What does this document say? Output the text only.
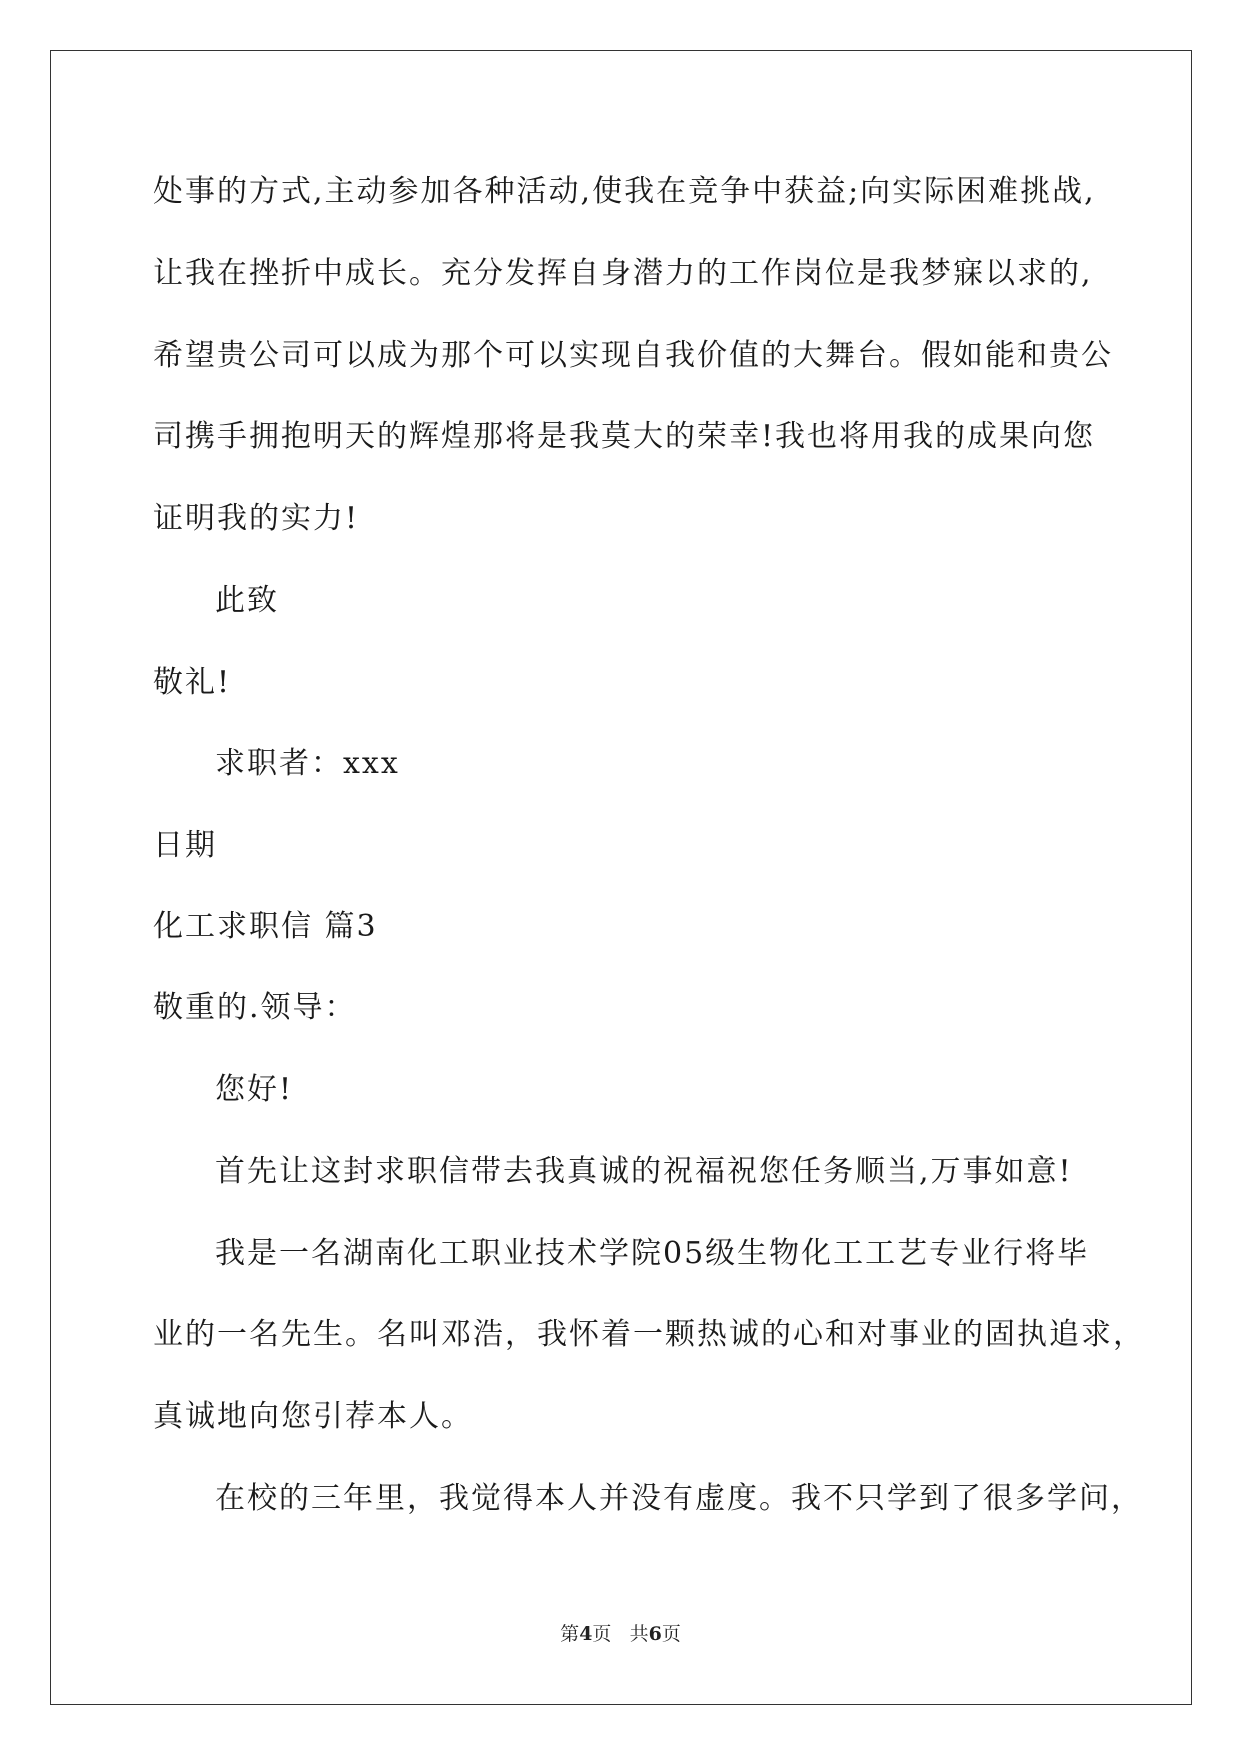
处事的方式,主动参加各种活动,使我在竞争中获益;向实际困难挑战,
让我在挫折中成长。充分发挥自身潜力的工作岗位是我梦寐以求的,
希望贵公司可以成为那个可以实现自我价值的大舞台。假如能和贵公
司携手拥抱明天的辉煌那将是我莫大的荣幸!我也将用我的成果向您
证明我的实力!
此致
敬礼!
求职者：xxx
日期
化工求职信 篇3
敬重的.领导：
您好!
首先让这封求职信带去我真诚的祝福祝您任务顺当,万事如意!
我是一名湖南化工职业技术学院05级生物化工工艺专业行将毕
业的一名先生。名叫邓浩，我怀着一颗热诚的心和对事业的固执追求，
真诚地向您引荐本人。
在校的三年里，我觉得本人并没有虚度。我不只学到了很多学问，
第4页 共6页
